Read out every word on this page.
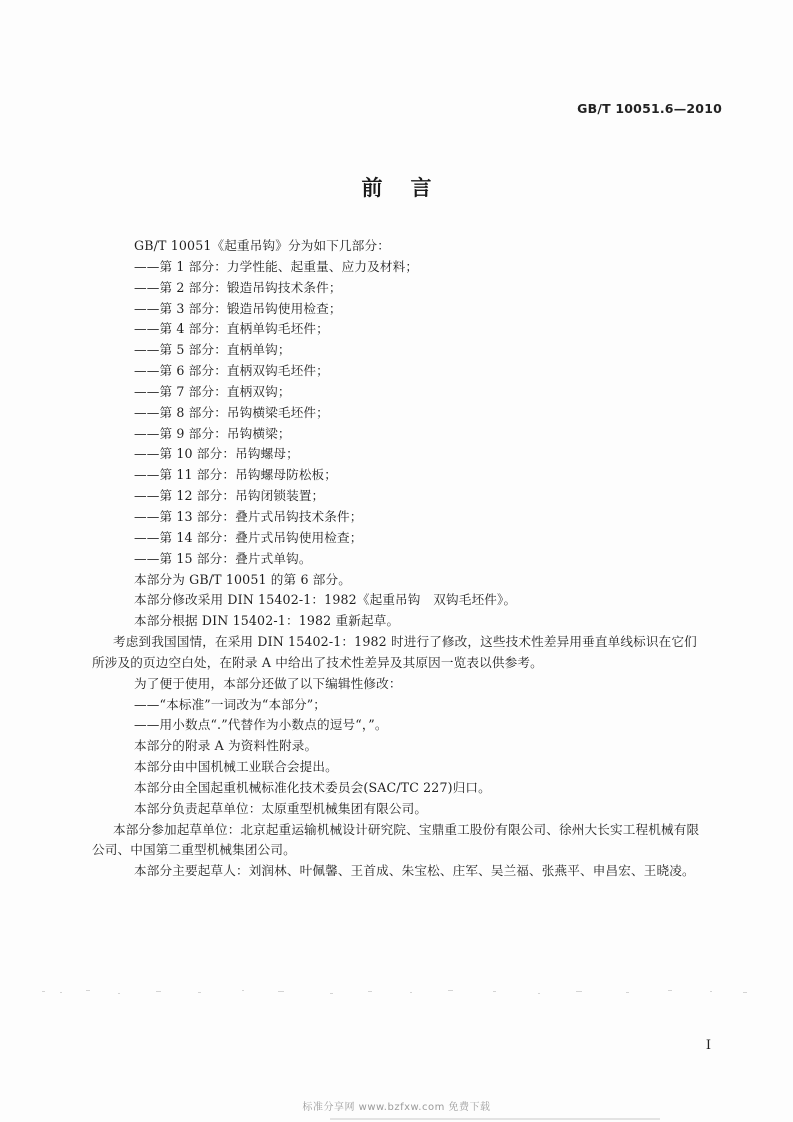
GB/T 10051.6—2010
前言

GB/T 10051《起重吊钩》分为如下几部分：

——第 1 部分：力学性能、起重量、应力及材料；

——第 2 部分：锻造吊钩技术条件；

——第 3 部分：锻造吊钩使用检查；

——第 4 部分：直柄单钩毛坯件；

——第 5 部分：直柄单钩；

——第 6 部分：直柄双钩毛坯件；

——第 7 部分：直柄双钩；

——第 8 部分：吊钩横梁毛坯件；

——第 9 部分：吊钩横梁；

——第 10 部分：吊钩螺母；

——第 11 部分：吊钩螺母防松板；

——第 12 部分：吊钩闭锁装置；

——第 13 部分：叠片式吊钩技术条件；

——第 14 部分：叠片式吊钩使用检查；

——第 15 部分：叠片式单钩。

本部分为 GB/T 10051 的第 6 部分。

本部分修改采用 DIN 15402-1：1982《起重吊钩　双钩毛坯件》。

本部分根据 DIN 15402-1：1982 重新起草。

考虑到我国国情，在采用 DIN 15402-1：1982 时进行了修改，这些技术性差异用垂直单线标识在它们所涉及的页边空白处，在附录 A 中给出了技术性差异及其原因一览表以供参考。

为了便于使用，本部分还做了以下编辑性修改：

——“本标准”一词改为“本部分”；

——用小数点“.”代替作为小数点的逗号“，”。

本部分的附录 A 为资料性附录。

本部分由中国机械工业联合会提出。

本部分由全国起重机械标准化技术委员会(SAC/TC 227)归口。

本部分负责起草单位：太原重型机械集团有限公司。

本部分参加起草单位：北京起重运输机械设计研究院、宝鼎重工股份有限公司、徐州大长实工程机械有限公司、中国第二重型机械集团公司。

本部分主要起草人：刘润林、叶佩馨、王首成、朱宝松、庄军、吴兰福、张燕平、申昌宏、王晓凌。

I
标准分享网 www.bzfxw.com 免费下载
